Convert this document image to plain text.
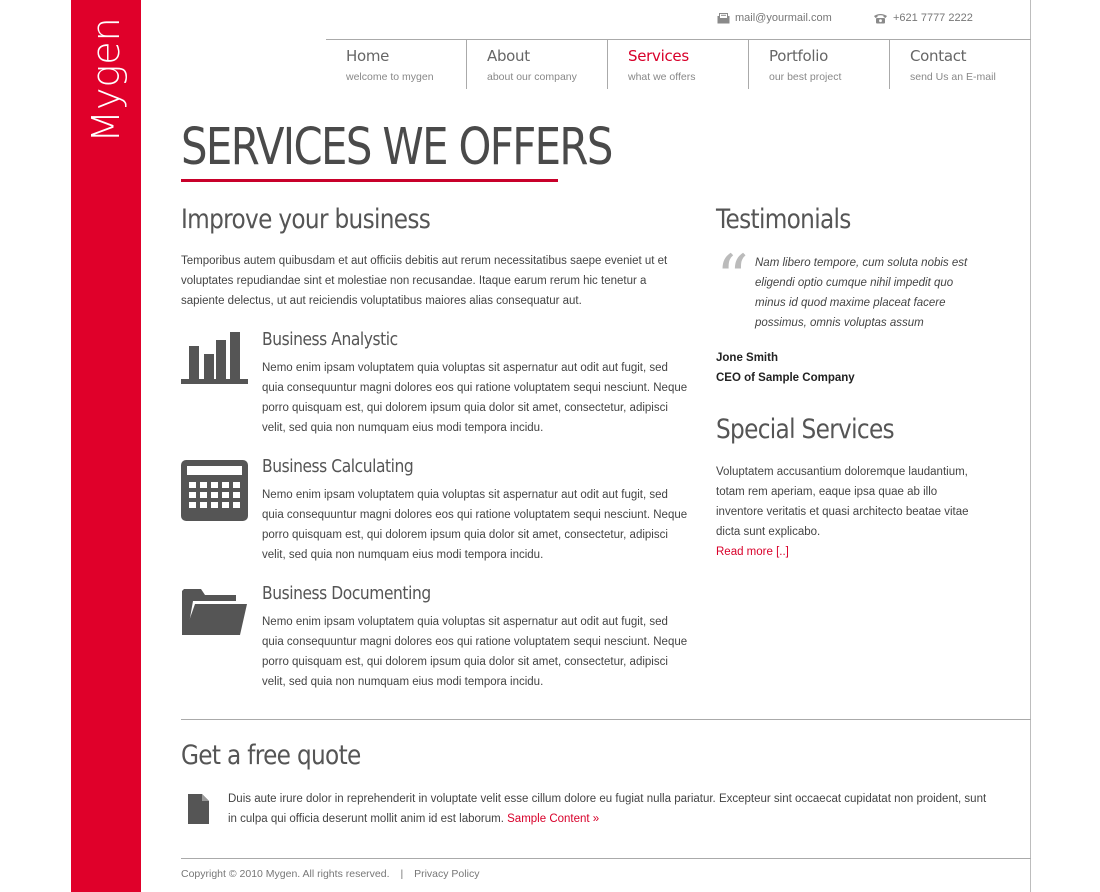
Mygen	mail@yourmail.com	+621 7777 2222
Home
welcome to mygen
About
about our company
Services
what we offers
Portfolio
our best project
Contact
send Us an E-mail
SERVICES WE OFFERS
Improve your business

Temporibus autem quibusdam et aut officiis debitis aut rerum necessitatibus saepe eveniet ut et voluptates repudiandae sint et molestiae non recusandae. Itaque earum rerum hic tenetur a sapiente delectus, ut aut reiciendis voluptatibus maiores alias consequatur aut.

Business Analystic

Nemo enim ipsam voluptatem quia voluptas sit aspernatur aut odit aut fugit, sed quia consequuntur magni dolores eos qui ratione voluptatem sequi nesciunt. Neque porro quisquam est, qui dolorem ipsum quia dolor sit amet, consectetur, adipisci velit, sed quia non numquam eius modi tempora incidu.

Business Calculating

Nemo enim ipsam voluptatem quia voluptas sit aspernatur aut odit aut fugit, sed quia consequuntur magni dolores eos qui ratione voluptatem sequi nesciunt. Neque porro quisquam est, qui dolorem ipsum quia dolor sit amet, consectetur, adipisci velit, sed quia non numquam eius modi tempora incidu.

Business Documenting

Nemo enim ipsam voluptatem quia voluptas sit aspernatur aut odit aut fugit, sed quia consequuntur magni dolores eos qui ratione voluptatem sequi nesciunt. Neque porro quisquam est, qui dolorem ipsum quia dolor sit amet, consectetur, adipisci velit, sed quia non numquam eius modi tempora incidu.

Testimonials
“ Nam libero tempore, cum soluta nobis est eligendi optio cumque nihil impedit quo minus id quod maxime placeat facere possimus, omnis voluptas assum

Jone Smith

CEO of Sample Company

Special Services
Voluptatem accusantium doloremque laudantium, totam rem aperiam, eaque ipsa quae ab illo inventore veritatis et quasi architecto beatae vitae dicta sunt explicabo.
Read more [..]
Get a free quote
Duis aute irure dolor in reprehenderit in voluptate velit esse cillum dolore eu fugiat nulla pariatur. Excepteur sint occaecat cupidatat non proident, sunt in culpa qui officia deserunt mollit anim id est laborum. Sample Content »
Copyright © 2010 Mygen. All rights reserved. | Privacy Policy
